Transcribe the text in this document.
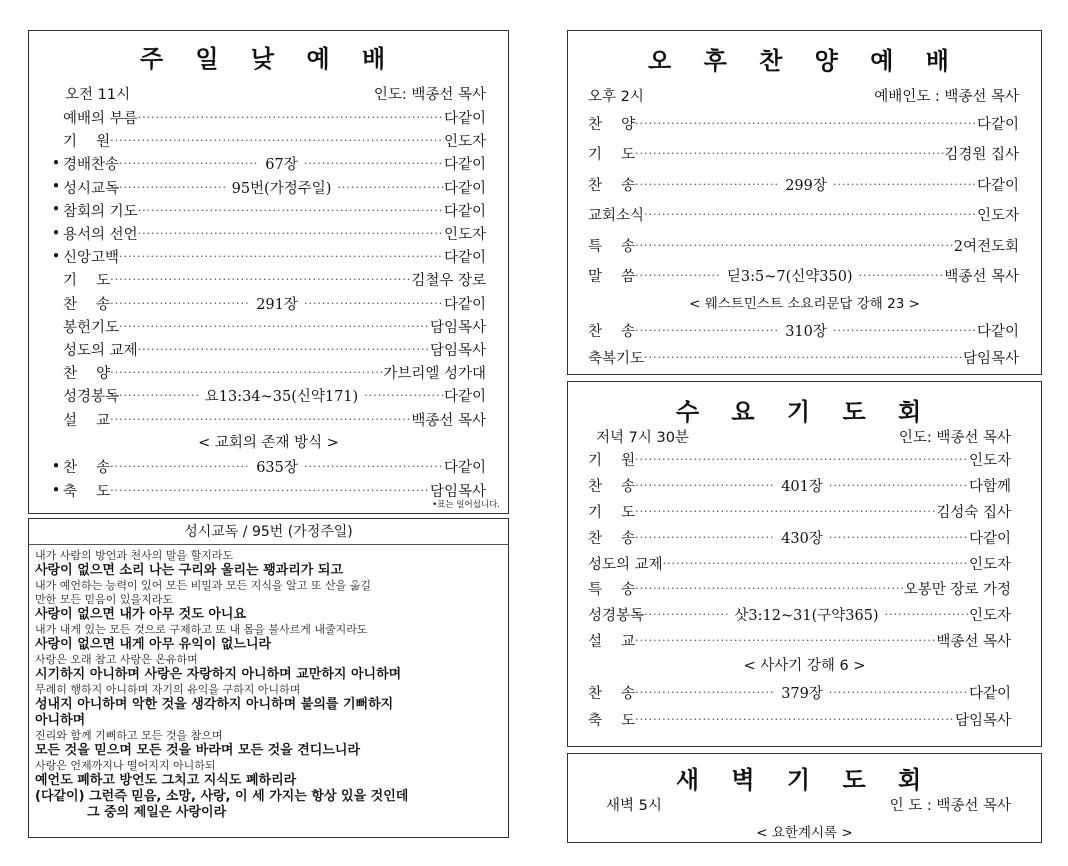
주 일 낮 예 배
오전 11시	인도: 백종선 목사
예배의 부름 ·····	다같이
기　 원 ·····	인도자
• 경배찬송 ·····	67장 ·····	다같이
• 성시교독 ·····	95번(가정주일) ·····	다같이
• 참회의 기도 ·····	다같이
• 용서의 선언 ·····	인도자
• 신앙고백 ·····	다같이
기　 도 ·····	김철우 장로
찬　 송 ·····	291장 ·····	다같이
봉헌기도 ·····	담임목사
성도의 교제 ·····	담임목사
찬　 양 ·····	가브리엘 성가대
성경봉독 ·····	요13:34~35(신약171) ·····	다같이
설　 교 ·····	백종선 목사
< 교회의 존재 방식 >
• 찬　 송 ·····	635장 ·····	다같이
• 축　 도 ·····	담임목사
•표는 일어섭니다.
성시교독 / 95번 (가정주일)
내가 사람의 방언과 천사의 말을 할지라도
사랑이 없으면 소리 나는 구리와 울리는 꽹과리가 되고
내가 예언하는 능력이 있어 모든 비밀과 모든 지식을 알고 또 산을 옮길
만한 모든 믿음이 있을지라도
사랑이 없으면 내가 아무 것도 아니요
내가 내게 있는 모든 것으로 구제하고 또 내 몸을 불사르게 내줄지라도
사랑이 없으면 내게 아무 유익이 없느니라
사랑은 오래 참고 사랑은 온유하며
시기하지 아니하며 사랑은 자랑하지 아니하며 교만하지 아니하며
무례히 행하지 아니하며 자기의 유익을 구하지 아니하며
성내지 아니하며 악한 것을 생각하지 아니하며 불의를 기뻐하지
아니하며
진리와 함께 기뻐하고 모든 것을 참으며
모든 것을 믿으며 모든 것을 바라며 모든 것을 견디느니라
사랑은 언제까지나 떨어지지 아니하되
예언도 폐하고 방언도 그치고 지식도 폐하리라
(다같이) 그런즉 믿음, 소망, 사랑, 이 세 가지는 항상 있을 것인데
　　　　그 중의 제일은 사랑이라
오 후 찬 양 예 배
오후 2시	예배인도 : 백종선 목사
찬　 양 ·····	다같이
기　 도 ·····	김경원 집사
찬　 송 ·····	299장 ·····	다같이
교회소식 ·····	인도자
특　 송 ·····	2여전도회
말　 씀 ·····	딛3:5~7(신약350) ·····	백종선 목사
< 웨스트민스트 소요리문답 강해 23 >
찬　 송 ·····	310장 ·····	다같이
축복기도 ·····	담임목사
수 요 기 도 회
저녁 7시 30분	인도: 백종선 목사
기　 원 ·····	인도자
찬　 송 ·····	401장 ·····	다함께
기　 도 ·····	김성숙 집사
찬　 송 ·····	430장 ·····	다같이
성도의 교제 ·····	인도자
특　 송 ·····	오봉만 장로 가정
성경봉독 ·····	삿3:12~31(구약365) ·····	인도자
설　 교 ·····	백종선 목사
< 사사기 강해 6 >
찬　 송 ·····	379장 ·····	다같이
축　 도 ·····	담임목사
새 벽 기 도 회
새벽 5시	인 도 : 백종선 목사
< 요한계시록 >
